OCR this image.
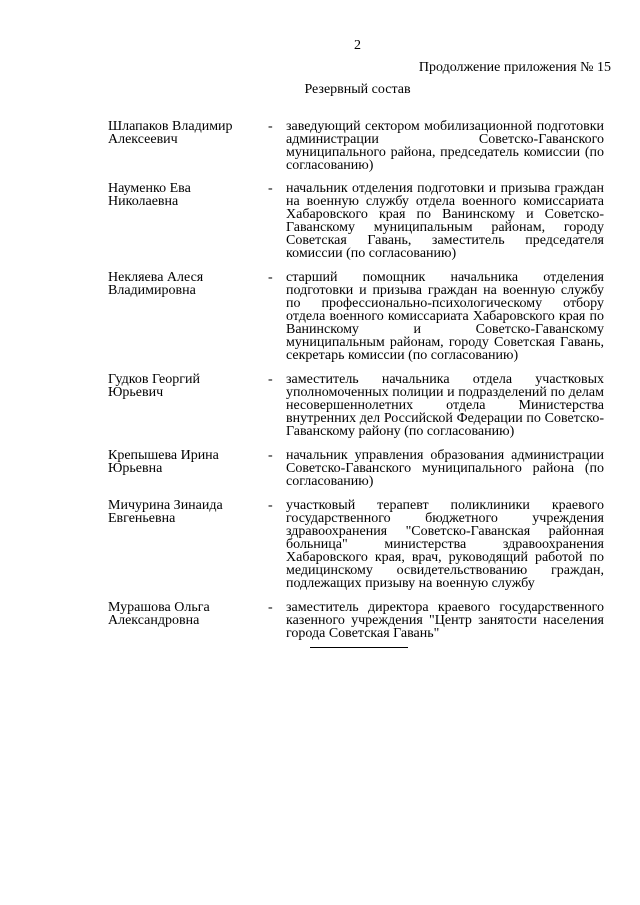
2
Продолжение приложения № 15
Резервный состав
Шлапаков Владимир
Алексеевич
- заведующий сектором мобилизационной подготовки администрации Советско-Гаванского муниципального района, председатель комиссии (по согласованию)
Науменко Ева
Николаевна
- начальник отделения подготовки и призыва граждан на военную службу отдела военного комиссариата Хабаровского края по Ванинскому и Советско-Гаванскому муниципальным районам, городу Советская Гавань, заместитель председателя комиссии (по согласованию)
Некляева Алеся
Владимировна
- старший помощник начальника отделения подготовки и призыва граждан на военную службу по профессионально-психологическому отбору отдела военного комиссариата Хабаровского края по Ванинскому и Советско-Гаванскому муниципальным районам, городу Советская Гавань, секретарь комиссии (по согласованию)
Гудков Георгий
Юрьевич
- заместитель начальника отдела участковых уполномоченных полиции и подразделений по делам несовершеннолетних отдела Министерства внутренних дел Российской Федерации по Советско-Гаванскому району (по согласованию)
Крепышева Ирина
Юрьевна
- начальник управления образования администрации Советско-Гаванского муниципального района (по согласованию)
Мичурина Зинаида
Евгеньевна
- участковый терапевт поликлиники краевого государственного бюджетного учреждения здравоохранения "Советско-Гаванская районная больница" министерства здравоохранения Хабаровского края, врач, руководящий работой по медицинскому освидетельствованию граждан, подлежащих призыву на военную службу
Мурашова Ольга
Александровна
- заместитель директора краевого государственного казенного учреждения "Центр занятости населения города Советская Гавань"
